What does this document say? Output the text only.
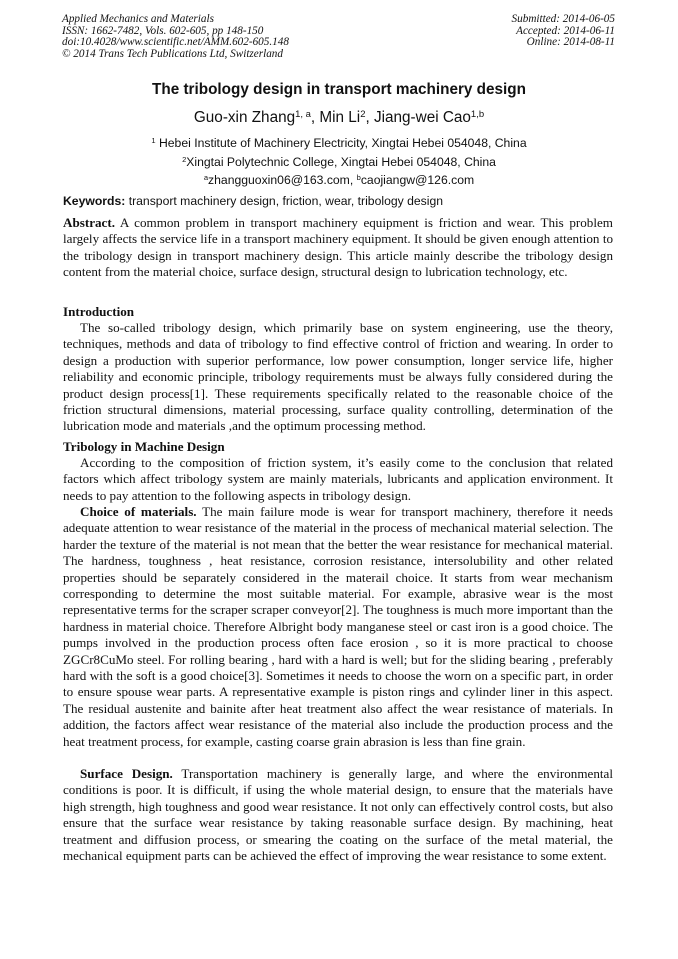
Applied Mechanics and Materials
ISSN: 1662-7482, Vols. 602-605, pp 148-150
doi:10.4028/www.scientific.net/AMM.602-605.148
© 2014 Trans Tech Publications Ltd, Switzerland
Submitted: 2014-06-05
Accepted: 2014-06-11
Online: 2014-08-11
The tribology design in transport machinery design
Guo-xin Zhang$^{1, a}$, Min Li$^2$, Jiang-wei Cao$^{1,b}$
$^1$ Hebei Institute of Machinery Electricity, Xingtai Hebei 054048, China
$^2$Xingtai Polytechnic College, Xingtai Hebei 054048, China
$^a$zhangguoxin06@163.com, $^b$caojiangw@126.com
Keywords: transport machinery design, friction, wear, tribology design
Abstract. A common problem in transport machinery equipment is friction and wear. This problem largely affects the service life in a transport machinery equipment. It should be given enough attention to the tribology design in transport machinery design. This article mainly describe the tribology design content from the material choice, surface design, structural design to lubrication technology, etc.
Introduction
The so-called tribology design, which primarily base on system engineering, use the theory, techniques, methods and data of tribology to find effective control of friction and wearing. In order to design a production with superior performance, low power consumption, longer service life, higher reliability and economic principle, tribology requirements must be always fully considered during the product design process[1]. These requirements specifically related to the reasonable choice of the friction structural dimensions, material processing, surface quality controlling, determination of the lubrication mode and materials ,and the optimum processing method.
Tribology in Machine Design
According to the composition of friction system, it’s easily come to the conclusion that related factors which affect tribology system are mainly materials, lubricants and application environment. It needs to pay attention to the following aspects in tribology design.
Choice of materials. The main failure mode is wear for transport machinery, therefore it needs adequate attention to wear resistance of the material in the process of mechanical material selection. The harder the texture of the material is not mean that the better the wear resistance for mechanical material. The hardness, toughness , heat resistance, corrosion resistance, intersolubility and other related properties should be separately considered in the materail choice. It starts from wear mechanism corresponding to determine the most suitable material. For example, abrasive wear is the most representative terms for the scraper scraper conveyor[2]. The toughness is much more important than the hardness in material choice. Therefore Albright body manganese steel or cast iron is a good choice. The pumps involved in the production process often face erosion , so it is more practical to choose ZGCr8CuMo steel. For rolling bearing , hard with a hard is well; but for the sliding bearing , preferably hard with the soft is a good choice[3]. Sometimes it needs to choose the worn on a specific part, in order to ensure spouse wear parts. A representative example is piston rings and cylinder liner in this aspect. The residual austenite and bainite after heat treatment also affect the wear resistance of materials. In addition, the factors affect wear resistance of the material also include the production process and the heat treatment process, for example, casting coarse grain abrasion is less than fine grain.
Surface Design. Transportation machinery is generally large, and where the environmental conditions is poor. It is difficult, if using the whole material design, to ensure that the materials have high strength, high toughness and good wear resistance. It not only can effectively control costs, but also ensure that the surface wear resistance by taking reasonable surface design. By machining, heat treatment and diffusion process, or smearing the coating on the surface of the metal material, the mechanical equipment parts can be achieved the effect of improving the wear resistance to some extent.
